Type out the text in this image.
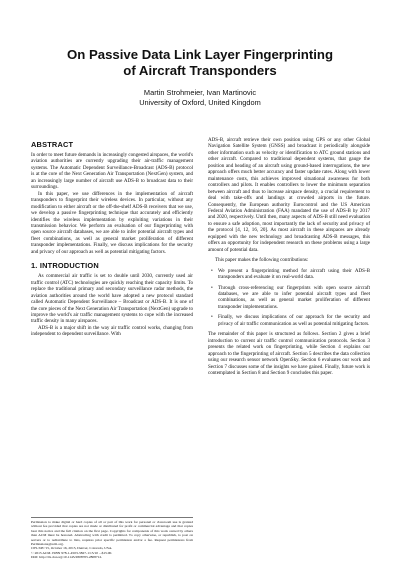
On Passive Data Link Layer Fingerprinting
of Aircraft Transponders
Martin Strohmeier, Ivan Martinovic
University of Oxford, United Kingdom
ABSTRACT

In order to meet future demands in increasingly congested airspaces, the world's aviation authorities are currently upgrading their air-traffic management systems. The Automatic Dependent Surveillance-Broadcast (ADS-B) protocol is at the core of the Next Generation Air Transportation (NextGen) system, and an increasingly large number of aircraft use ADS-B to broadcast data to their surroundings.

In this paper, we use differences in the implementation of aircraft transponders to fingerprint their wireless devices. In particular, without any modification to either aircraft or the off-the-shelf ADS-B receivers that we use, we develop a passive fingerprinting technique that accurately and efficiently identifies the wireless implementation by exploiting variations in their transmission behavior. We perform an evaluation of our fingerprinting with open source aircraft databases, we are able to infer potential aircraft types and fleet combinations, as well as general market proliferation of different transponder implementations. Finally, we discuss implications for the security and privacy of our approach as well as potential mitigating factors.

1. INTRODUCTION

As commercial air traffic is set to double until 2030, currently used air traffic control (ATC) technologies are quickly reaching their capacity limits. To replace the traditional primary and secondary surveillance radar methods, the aviation authorities around the world have adopted a new protocol standard called Automatic Dependent Surveillance – Broadcast or ADS-B. It is one of the core pieces of the Next Generation Air Transportation (NextGen) upgrade to improve the world's air traffic management systems to cope with the increased traffic density in many airspaces.

ADS-B is a major shift in the way air traffic control works, changing from independent to dependent surveillance. With

Permission to make digital or hard copies of all or part of this work for personal or classroom use is granted without fee provided that copies are not made or distributed for profit or commercial advantage and that copies bear this notice and the full citation on the first page. Copyrights for components of this work owned by others than ACM must be honored. Abstracting with credit is permitted. To copy otherwise, or republish, to post on servers or to redistribute to lists, requires prior specific permission and/or a fee. Request permissions from Permissions@acm.org.

CPS-SPC'15, October 16, 2015, Denver, Colorado, USA.

© 2015 ACM. ISBN 978-1-4503-3827-1/15/10 ...$15.00.

DOI: http://dx.doi.org/10.1145/2808705.2808712.

ADS-B, aircraft retrieve their own position using GPS or any other Global Navigation Satellite System (GNSS) and broadcast it periodically alongside other information such as velocity or identification to ATC ground stations and other aircraft. Compared to traditional dependent systems, that gauge the position and heading of an aircraft using ground-based interrogations, the new approach offers much better accuracy and faster update rates. Along with lower maintenance costs, this achieves improved situational awareness for both controllers and pilots. It enables controllers to lower the minimum separation between aircraft and thus to increase airspace density, a crucial requirement to deal with take-offs and landings at crowded airports in the future. Consequently, the European authority Eurocontrol and the US American Federal Aviation Administration (FAA) mandated the use of ADS-B by 2017 and 2020, respectively. Until then, many aspects of ADS-B still need evaluation to ensure a safe adoption, most importantly the lack of security and privacy of the protocol [4, 12, 16, 20]. As most aircraft in these airspaces are already equipped with the new technology and broadcasting ADS-B messages, this offers an opportunity for independent research on these problems using a large amount of potential data.

This paper makes the following contributions:

• We present a fingerprinting method for aircraft using their ADS-B transponders and evaluate it on real-world data.
• Through cross-referencing our fingerprints with open source aircraft databases, we are able to infer potential aircraft types and fleet combinations, as well as general market proliferation of different transponder implementations.
• Finally, we discuss implications of our approach for the security and privacy of air traffic communication as well as potential mitigating factors.

The remainder of this paper is structured as follows. Section 2 gives a brief introduction to current air traffic control communication protocols. Section 3 presents the related work on fingerprinting, while Section 4 explains our approach to the fingerprinting of aircraft. Section 5 describes the data collection using our research sensor network OpenSky. Section 6 evaluates our work and Section 7 discusses some of the insights we have gained. Finally, future work is contemplated in Section 8 and Section 9 concludes this paper.
